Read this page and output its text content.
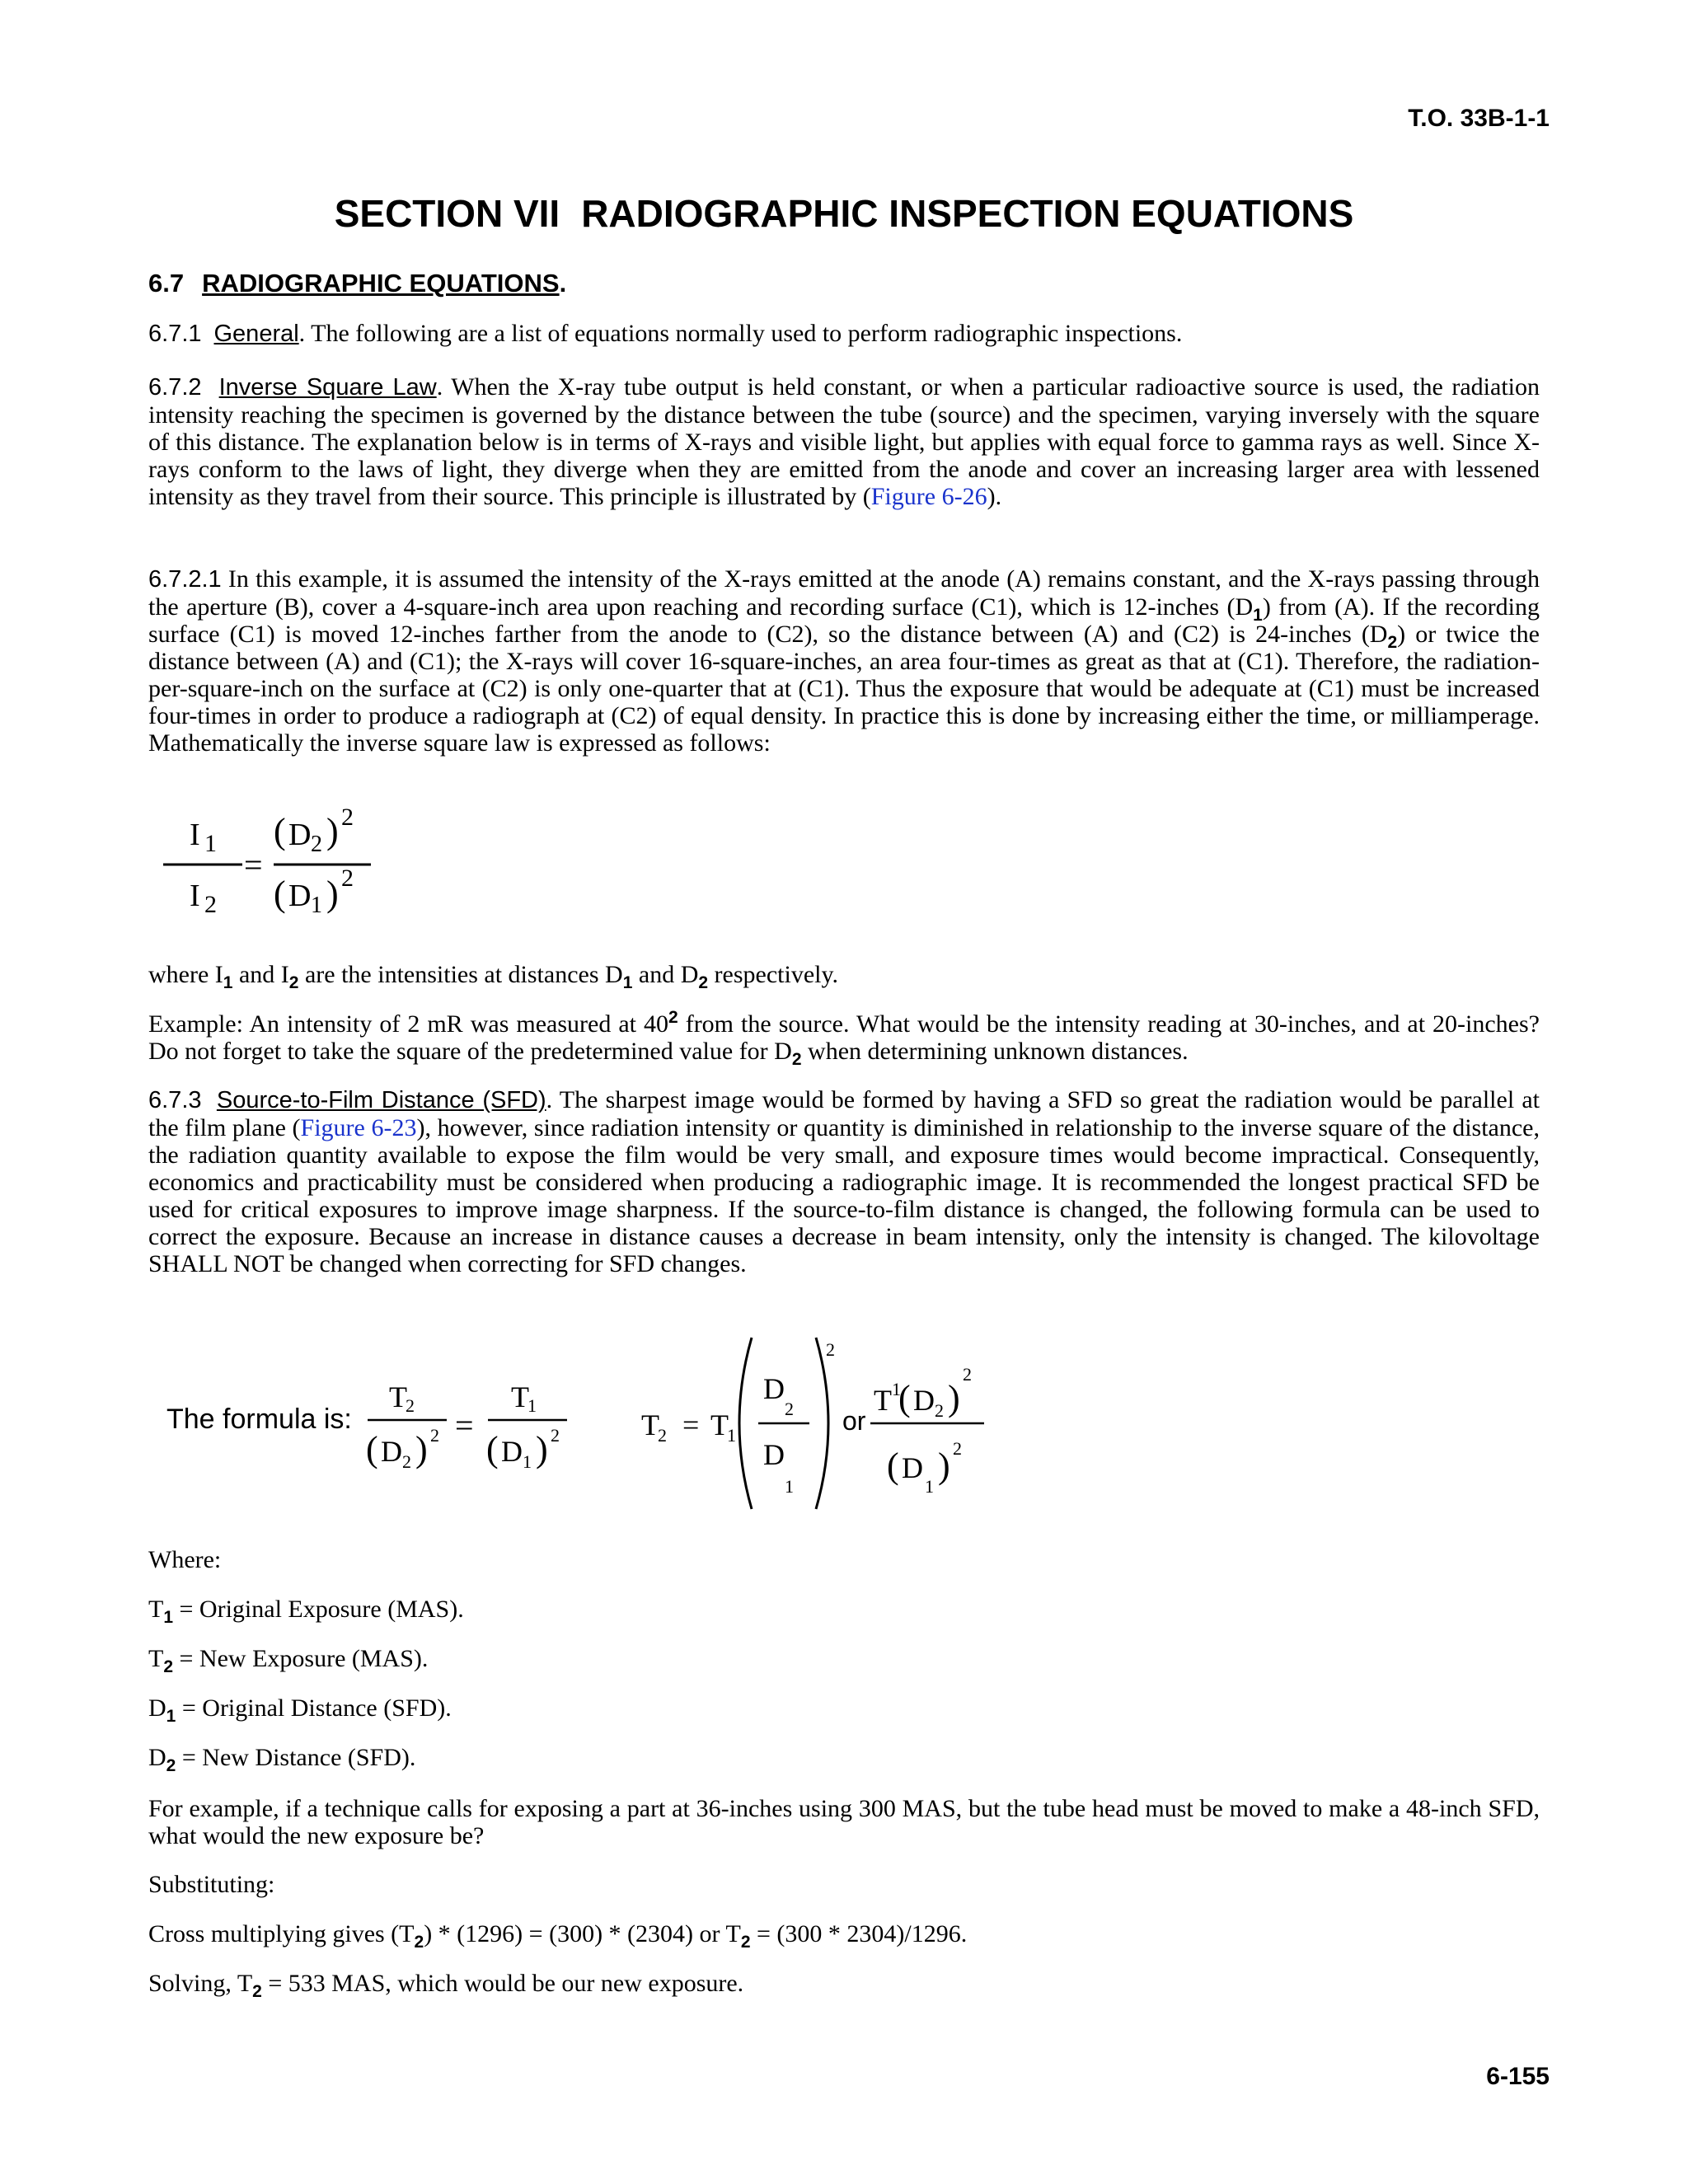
T.O. 33B-1-1
SECTION VII RADIOGRAPHIC INSPECTION EQUATIONS
6.7 RADIOGRAPHIC EQUATIONS.
6.7.1 General. The following are a list of equations normally used to perform radiographic inspections.
6.7.2 Inverse Square Law. When the X-ray tube output is held constant, or when a particular radioactive source is used, the radiation intensity reaching the specimen is governed by the distance between the tube (source) and the specimen, varying inversely with the square of this distance. The explanation below is in terms of X-rays and visible light, but applies with equal force to gamma rays as well. Since X-rays conform to the laws of light, they diverge when they are emitted from the anode and cover an increasing larger area with lessened intensity as they travel from their source. This principle is illustrated by (Figure 6-26).
6.7.2.1 In this example, it is assumed the intensity of the X-rays emitted at the anode (A) remains constant, and the X-rays passing through the aperture (B), cover a 4-square-inch area upon reaching and recording surface (C1), which is 12-inches $(D_1)$ from (A). If the recording surface (C1) is moved 12-inches farther from the anode to (C2), so the distance between (A) and (C2) is 24-inches $(D_2)$ or twice the distance between (A) and (C1); the X-rays will cover 16-square-inches, an area four-times as great as that at (C1). Therefore, the radiation-per-square-inch on the surface at (C2) is only one-quarter that at (C1). Thus the exposure that would be adequate at (C1) must be increased four-times in order to produce a radiograph at (C2) of equal density. In practice this is done by increasing either the time, or milliamperage. Mathematically the inverse square law is expressed as follows:
I 1
I 2
=
( D 2 ) 2
( D 1 ) 2
where $I_1$ and $I_2$ are the intensities at distances $D_1$ and $D_2$ respectively.
Example: An intensity of 2 mR was measured at $40^2$ from the source. What would be the intensity reading at 30-inches, and at 20-inches? Do not forget to take the square of the predetermined value for $D_2$ when determining unknown distances.
6.7.3 Source-to-Film Distance (SFD). The sharpest image would be formed by having a SFD so great the radiation would be parallel at the film plane (Figure 6-23), however, since radiation intensity or quantity is diminished in relationship to the inverse square of the distance, the radiation quantity available to expose the film would be very small, and exposure times would become impractical. Consequently, economics and practicability must be considered when producing a radiographic image. It is recommended the longest practical SFD be used for critical exposures to improve image sharpness. If the source-to-film distance is changed, the following formula can be used to correct the exposure. Because an increase in distance causes a decrease in beam intensity, only the intensity is changed. The kilovoltage SHALL NOT be changed when correcting for SFD changes.
The formula is:
T
2
( D 2 ) 2 =
T
1
( D 1 ) 2	T
2 = T
1
D
2
D
1
2
or
T 1
( D 2 )
2
( D
1
) 2
Where:
$T_1$ = Original Exposure (MAS).
$T_2$ = New Exposure (MAS).
$D_1$ = Original Distance (SFD).
$D_2$ = New Distance (SFD).
For example, if a technique calls for exposing a part at 36-inches using 300 MAS, but the tube head must be moved to make a 48-inch SFD, what would the new exposure be?
Substituting:
Cross multiplying gives $(T_2) * (1296) = (300) * (2304)$ or $T_2 = (300 * 2304)/1296$.
Solving, $T_2 = 533$ MAS, which would be our new exposure.
6-155
